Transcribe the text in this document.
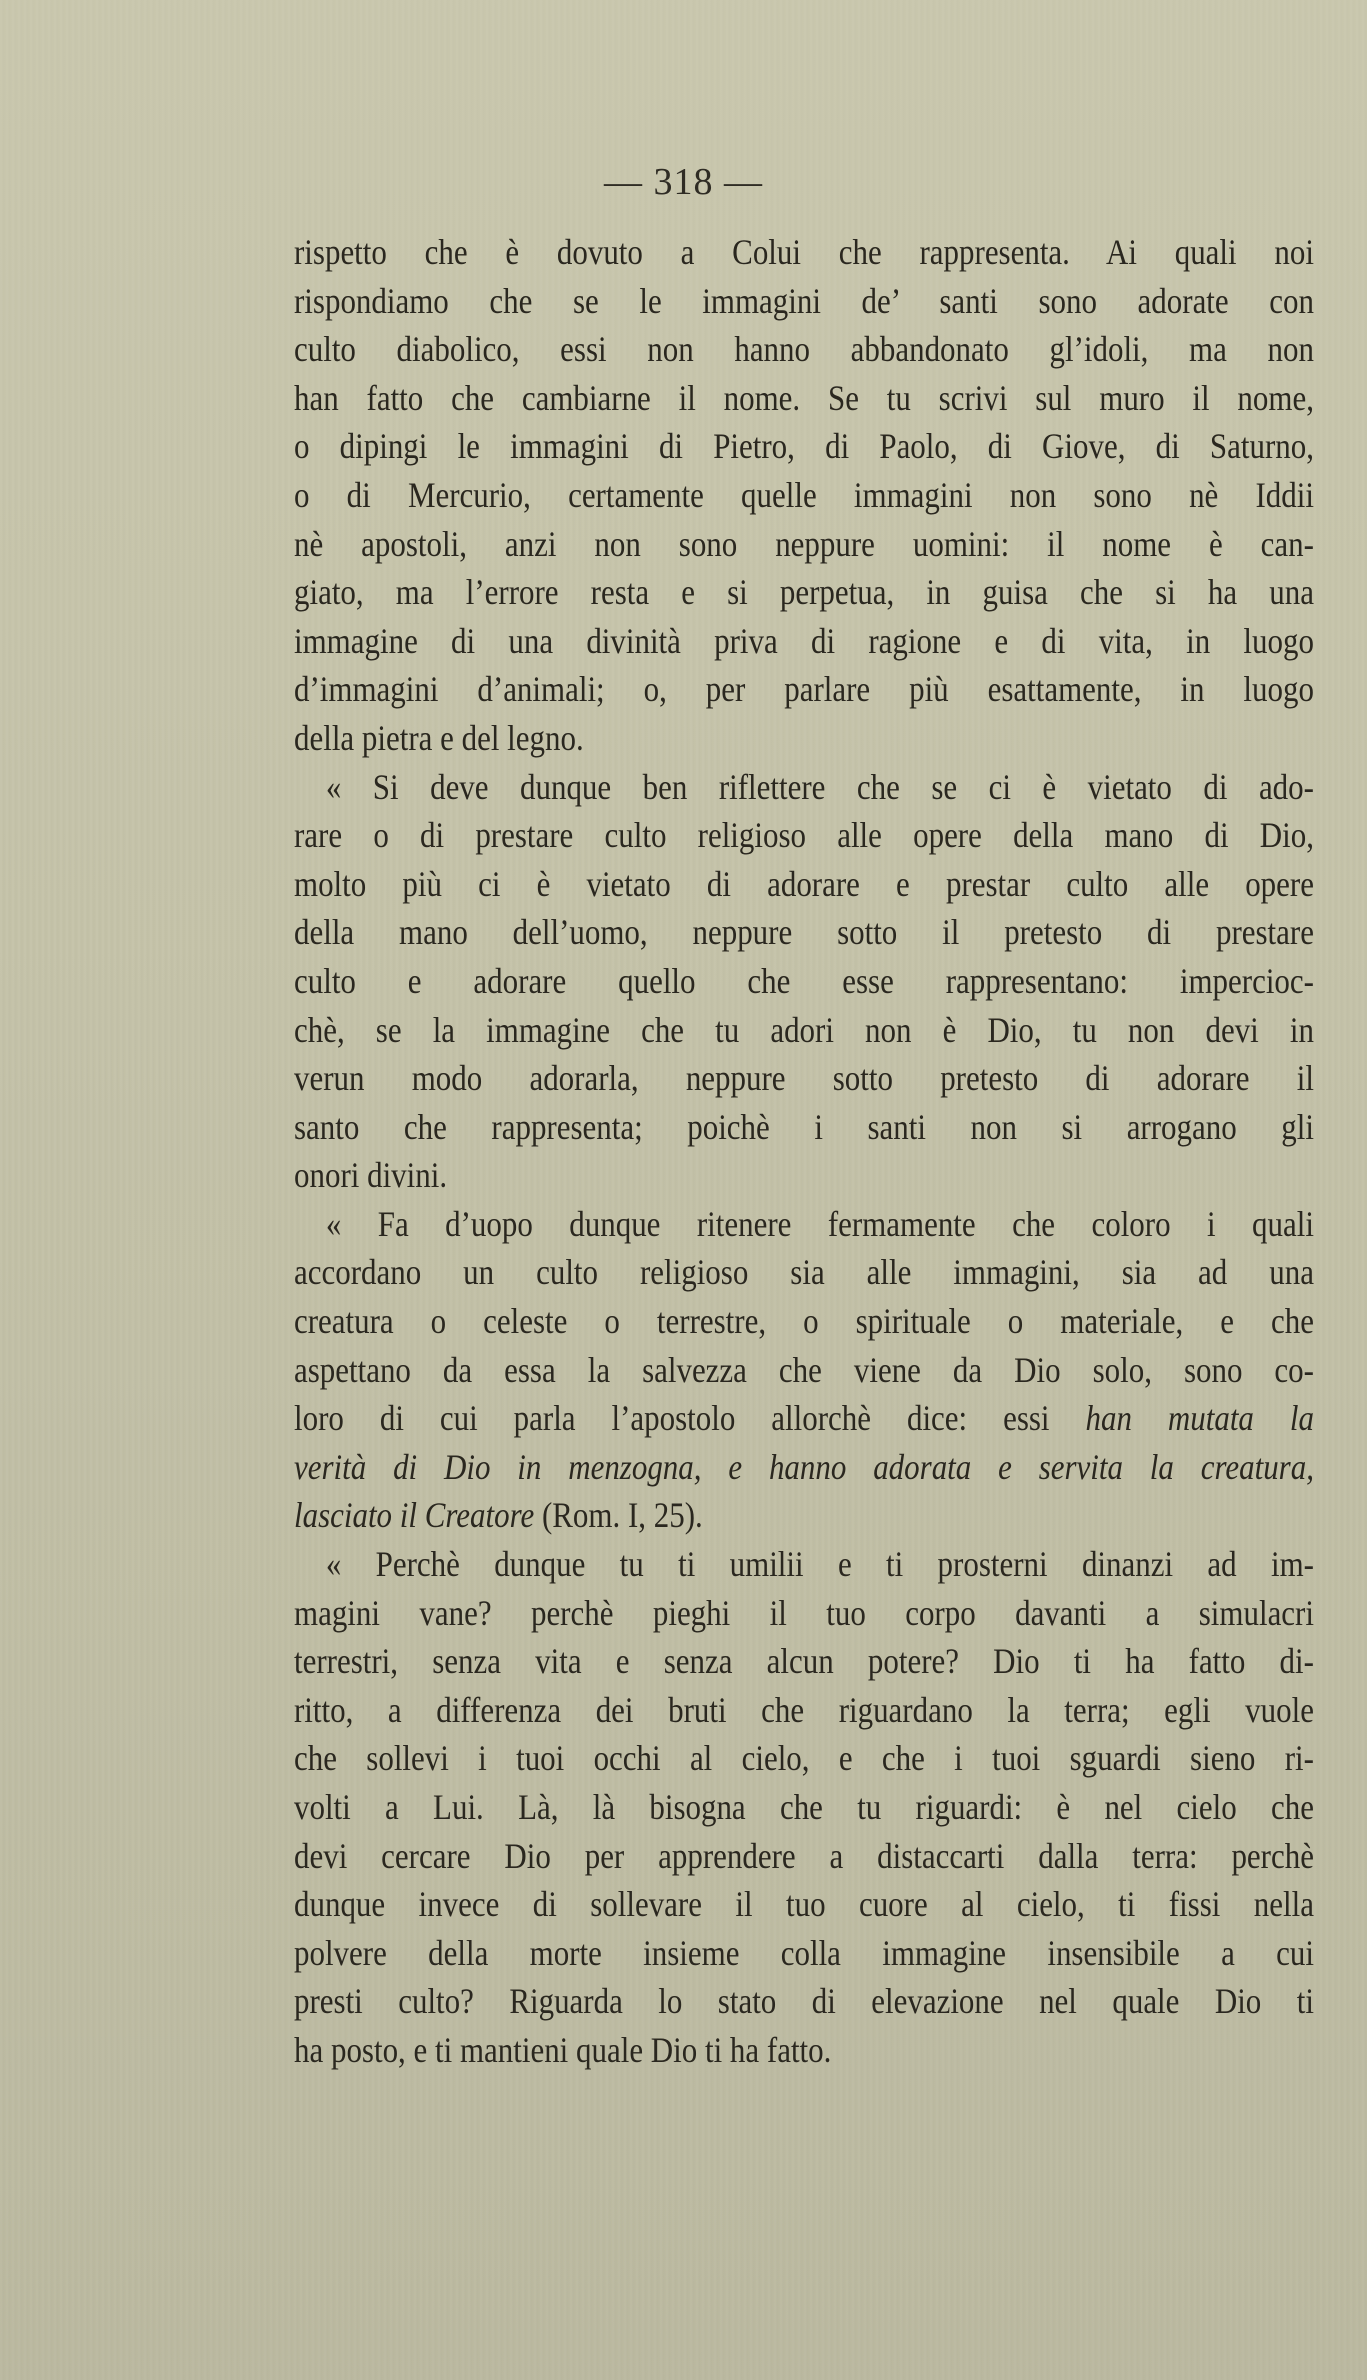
— 318 —
rispetto che è dovuto a Colui che rappresenta. Ai quali noi
rispondiamo che se le immagini de’ santi sono adorate con
culto diabolico, essi non hanno abbandonato gl’idoli, ma non
han fatto che cambiarne il nome. Se tu scrivi sul muro il nome,
o dipingi le immagini di Pietro, di Paolo, di Giove, di Saturno,
o di Mercurio, certamente quelle immagini non sono nè Iddii
nè apostoli, anzi non sono neppure uomini: il nome è can-
giato, ma l’errore resta e si perpetua, in guisa che si ha una
immagine di una divinità priva di ragione e di vita, in luogo
d’immagini d’animali; o, per parlare più esattamente, in luogo
della pietra e del legno.
« Si deve dunque ben riflettere che se ci è vietato di ado-
rare o di prestare culto religioso alle opere della mano di Dio,
molto più ci è vietato di adorare e prestar culto alle opere
della mano dell’uomo, neppure sotto il pretesto di prestare
culto e adorare quello che esse rappresentano: impercioc-
chè, se la immagine che tu adori non è Dio, tu non devi in
verun modo adorarla, neppure sotto pretesto di adorare il
santo che rappresenta; poichè i santi non si arrogano gli
onori divini.
« Fa d’uopo dunque ritenere fermamente che coloro i quali
accordano un culto religioso sia alle immagini, sia ad una
creatura o celeste o terrestre, o spirituale o materiale, e che
aspettano da essa la salvezza che viene da Dio solo, sono co-
loro di cui parla l’apostolo allorchè dice: essi han mutata la
verità di Dio in menzogna, e hanno adorata e servita la creatura,
lasciato il Creatore (Rom. I, 25).
« Perchè dunque tu ti umilii e ti prosterni dinanzi ad im-
magini vane? perchè pieghi il tuo corpo davanti a simulacri
terrestri, senza vita e senza alcun potere? Dio ti ha fatto di-
ritto, a differenza dei bruti che riguardano la terra; egli vuole
che sollevi i tuoi occhi al cielo, e che i tuoi sguardi sieno ri-
volti a Lui. Là, là bisogna che tu riguardi: è nel cielo che
devi cercare Dio per apprendere a distaccarti dalla terra: perchè
dunque invece di sollevare il tuo cuore al cielo, ti fissi nella
polvere della morte insieme colla immagine insensibile a cui
presti culto? Riguarda lo stato di elevazione nel quale Dio ti
ha posto, e ti mantieni quale Dio ti ha fatto.
